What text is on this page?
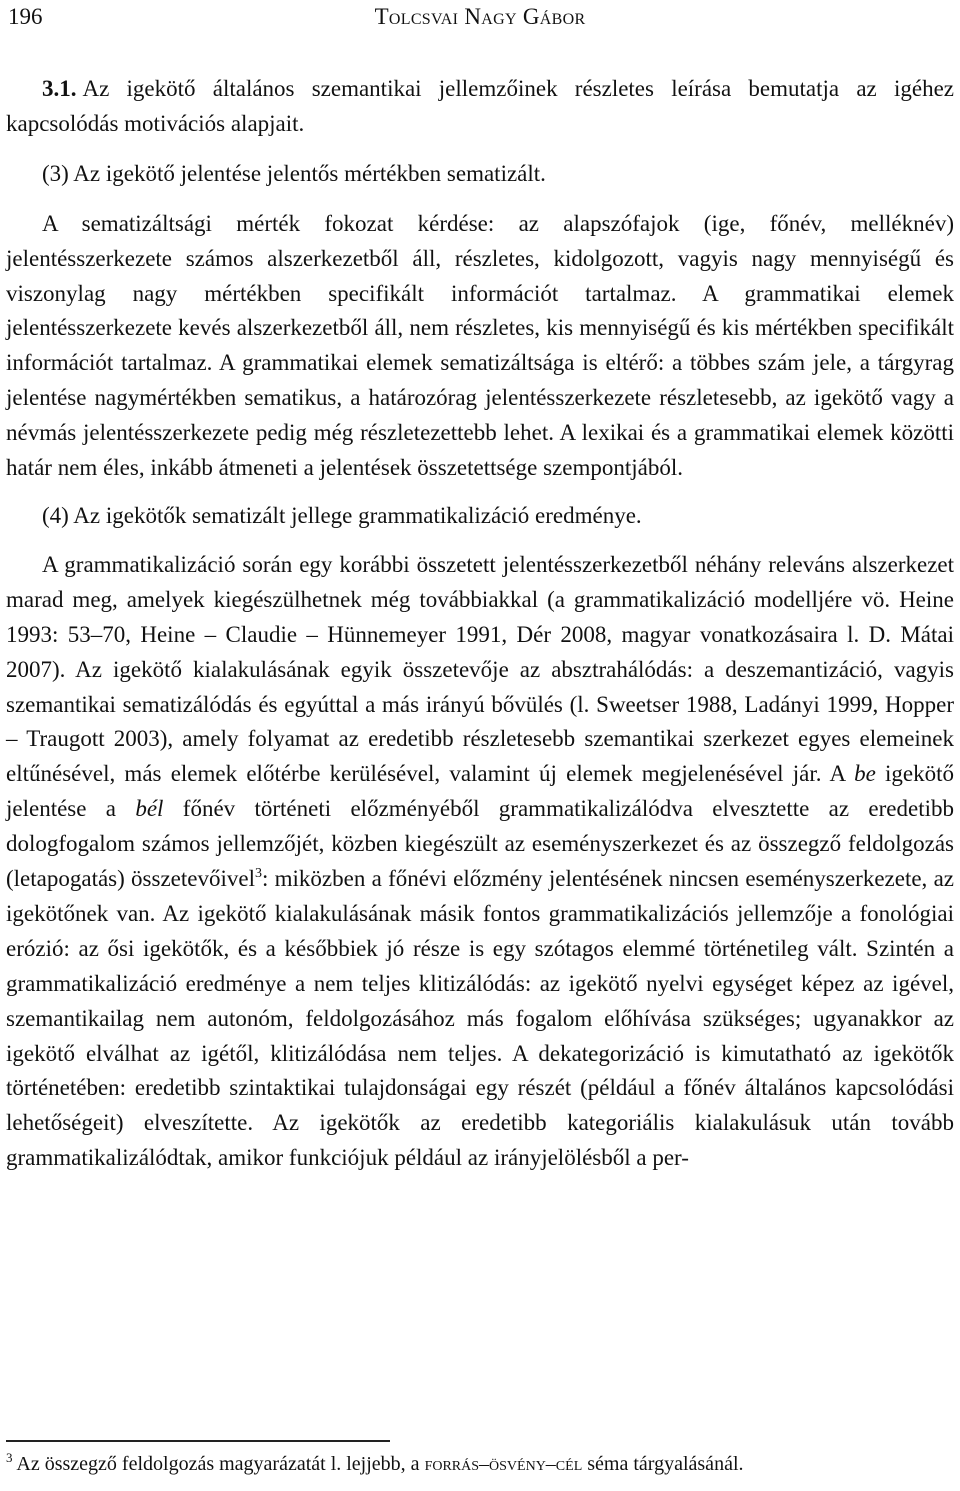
196	Tolcsvai Nagy Gábor

3.1. Az igekötő általános szemantikai jellemzőinek részletes leírása bemutatja az igéhez kapcsolódás motivációs alapjait.

(3) Az igekötő jelentése jelentős mértékben sematizált.

A sematizáltsági mérték fokozat kérdése: az alapszófajok (ige, főnév, melléknév) jelentésszerkezete számos alszerkezetből áll, részletes, kidolgozott, vagyis nagy mennyiségű és viszonylag nagy mértékben specifikált információt tartalmaz. A grammatikai elemek jelentésszerkezete kevés alszerkezetből áll, nem részletes, kis mennyiségű és kis mértékben specifikált információt tartalmaz. A grammatikai elemek sematizáltsága is eltérő: a többes szám jele, a tárgyrag jelentése nagymértékben sematikus, a határozórag jelentésszerkezete részletesebb, az igekötő vagy a névmás jelentésszerkezete pedig még részletezettebb lehet. A lexikai és a grammatikai elemek közötti határ nem éles, inkább átmeneti a jelentések összetettsége szempontjából.

(4) Az igekötők sematizált jellege grammatikalizáció eredménye.

A grammatikalizáció során egy korábbi összetett jelentésszerkezetből néhány releváns alszerkezet marad meg, amelyek kiegészülhetnek még továbbiakkal (a grammatikalizáció modelljére vö. Heine 1993: 53–70, Heine – Claudie – Hünnemeyer 1991, Dér 2008, magyar vonatkozásaira l. D. Mátai 2007). Az igekötő kialakulásának egyik összetevője az absztrahálódás: a deszemantizáció, vagyis szemantikai sematizálódás és egyúttal a más irányú bővülés (l. Sweetser 1988, Ladányi 1999, Hopper – Traugott 2003), amely folyamat az eredetibb részletesebb szemantikai szerkezet egyes elemeinek eltűnésével, más elemek előtérbe kerülésével, valamint új elemek megjelenésével jár. A be igekötő jelentése a bél főnév történeti előzményéből grammatikalizálódva elvesztette az eredetibb dologfogalom számos jellemzőjét, közben kiegészült az eseményszerkezet és az összegző feldolgozás (letapogatás) összetevőivel$^3$: miközben a főnévi előzmény jelentésének nincsen eseményszerkezete, az igekötőnek van. Az igekötő kialakulásának másik fontos grammatikalizációs jellemzője a fonológiai erózió: az ősi igekötők, és a későbbiek jó része is egy szótagos elemmé történetileg vált. Szintén a grammatikalizáció eredménye a nem teljes klitizálódás: az igekötő nyelvi egységet képez az igével, szemantikailag nem autonóm, feldolgozásához más fogalom előhívása szükséges; ugyanakkor az igekötő elválhat az igétől, klitizálódása nem teljes. A dekategorizáció is kimutatható az igekötők történetében: eredetibb szintaktikai tulajdonságai egy részét (például a főnév általános kapcsolódási lehetőségeit) elveszítette. Az igekötők az eredetibb kategoriális kialakulásuk után tovább grammatikalizálódtak, amikor funkciójuk például az irányjelölésből a per-

$^3$ Az összegző feldolgozás magyarázatát l. lejjebb, a forrás–ösvény–cél séma tárgyalásánál.
